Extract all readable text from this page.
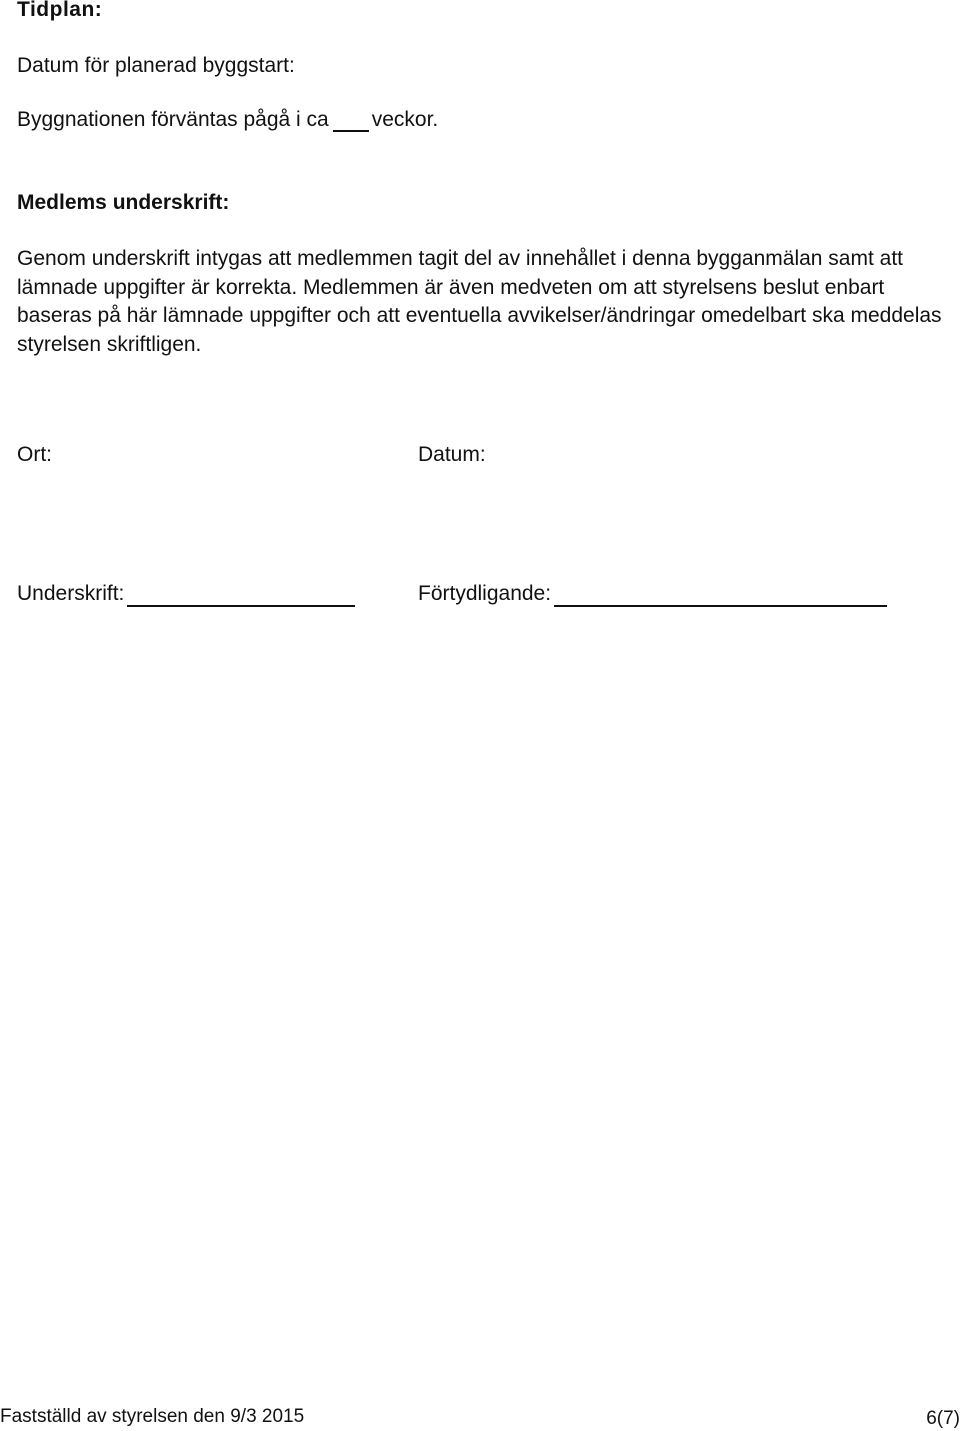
Tidplan:
Datum för planerad byggstart:
Byggnationen förväntas pågå i ca veckor.
Medlems underskrift:
Genom underskrift intygas att medlemmen tagit del av innehållet i denna bygganmälan samt att lämnade uppgifter är korrekta. Medlemmen är även medveten om att styrelsens beslut enbart baseras på här lämnade uppgifter och att eventuella avvikelser/ändringar omedelbart ska meddelas styrelsen skriftligen.
Ort:	Datum:
Underskrift:	Förtydligande:
Fastställd av styrelsen den 9/3 2015	6(7)
